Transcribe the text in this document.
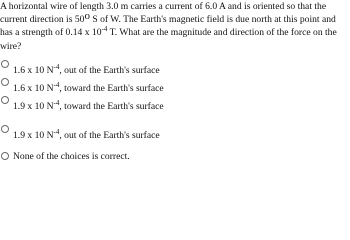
A horizontal wire of length 3.0 m carries a current of 6.0 A and is oriented so that the
current direction is 50o S of W. The Earth's magnetic field is due north at this point and
has a strength of 0.14 x $10^{-4}$ T. What are the magnitude and direction of the force on the
wire?
1.6 x 10 $N^{-4}$, out of the Earth's surface
1.6 x 10 $N^{-4}$, toward the Earth's surface
1.9 x 10 $N^{-4}$, toward the Earth's surface
1.9 x 10 $N^{-4}$, out of the Earth's surface
None of the choices is correct.
